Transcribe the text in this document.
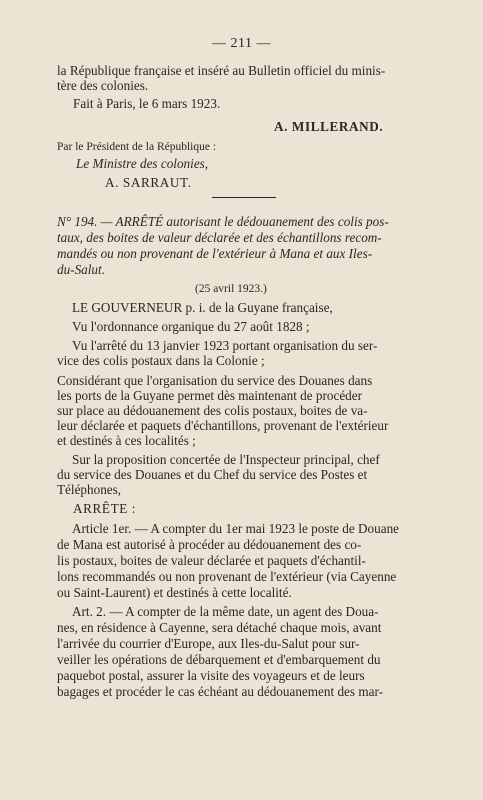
— 211 —
la République française et inséré au Bulletin officiel du minis-
tère des colonies.
Fait à Paris, le 6 mars 1923.
A. MILLERAND.
Par le Président de la République :
Le Ministre des colonies,
A. SARRAUT.
N° 194. — ARRÊTÉ autorisant le dédouanement des colis pos-
taux, des boites de valeur déclarée et des échantillons recom-
mandés ou non provenant de l'extérieur à Mana et aux Iles-
du-Salut.
(25 avril 1923.)
LE GOUVERNEUR p. i. de la Guyane française,
Vu l'ordonnance organique du 27 août 1828 ;
Vu l'arrêté du 13 janvier 1923 portant organisation du ser-
vice des colis postaux dans la Colonie ;
Considérant que l'organisation du service des Douanes dans
les ports de la Guyane permet dès maintenant de procéder
sur place au dédouanement des colis postaux, boites de va-
leur déclarée et paquets d'échantillons, provenant de l'extérieur
et destinés à ces localités ;
Sur la proposition concertée de l'Inspecteur principal, chef
du service des Douanes et du Chef du service des Postes et
Téléphones,
ARRÊTE :
Article 1er. — A compter du 1er mai 1923 le poste de Douane
de Mana est autorisé à procéder au dédouanement des co-
lis postaux, boites de valeur déclarée et paquets d'échantil-
lons recommandés ou non provenant de l'extérieur (via Cayenne
ou Saint-Laurent) et destinés à cette localité.
Art. 2. — A compter de la même date, un agent des Doua-
nes, en résidence à Cayenne, sera détaché chaque mois, avant
l'arrivée du courrier d'Europe, aux Iles-du-Salut pour sur-
veiller les opérations de débarquement et d'embarquement du
paquebot postal, assurer la visite des voyageurs et de leurs
bagages et procéder le cas échéant au dédouanement des mar-
